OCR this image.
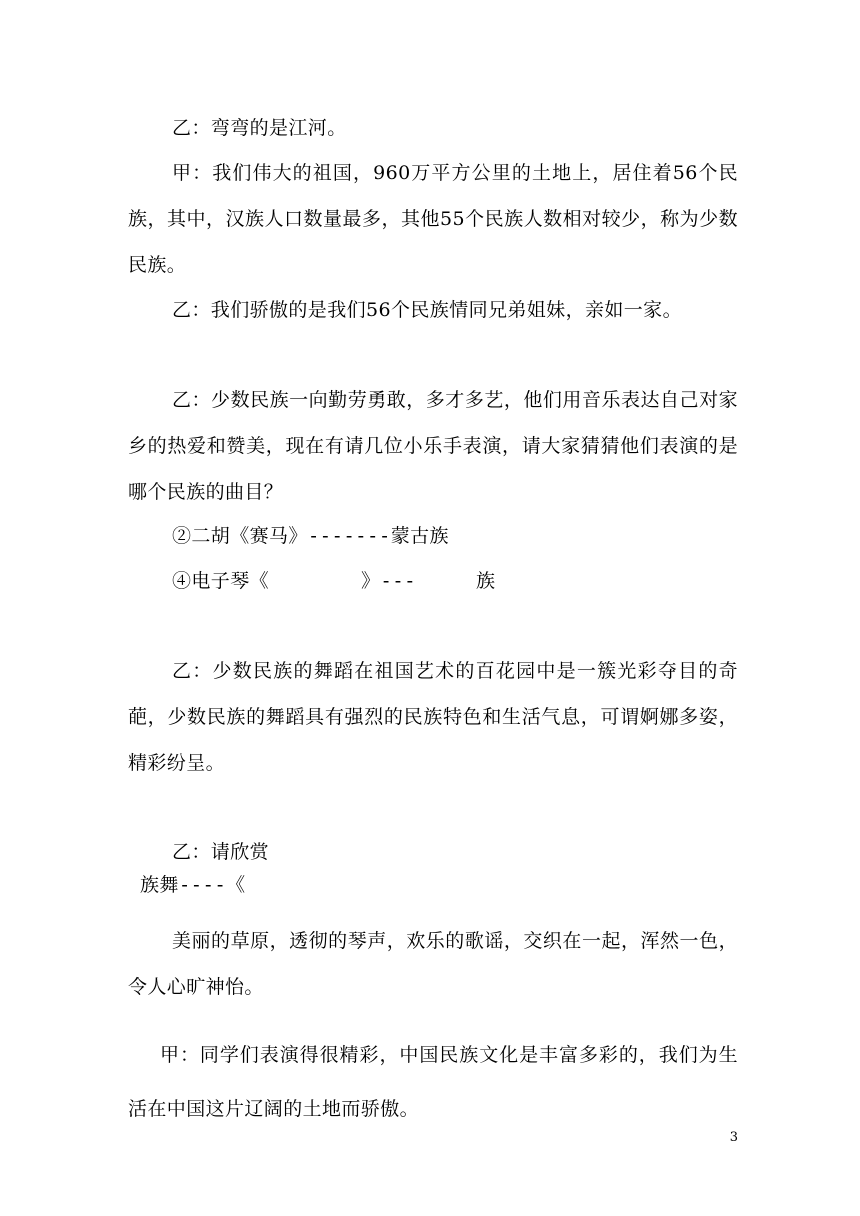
乙：弯弯的是江河。

甲：我们伟大的祖国，960万平方公里的土地上，居住着56个民族，其中，汉族人口数量最多，其他55个民族人数相对较少，称为少数民族。

乙：我们骄傲的是我们56个民族情同兄弟姐妹，亲如一家。

乙：少数民族一向勤劳勇敢，多才多艺，他们用音乐表达自己对家乡的热爱和赞美，现在有请几位小乐手表演，请大家猜猜他们表演的是哪个民族的曲目？

②二胡《赛马》-------蒙古族

④电子琴《	》---	族

乙：少数民族的舞蹈在祖国艺术的百花园中是一簇光彩夺目的奇葩，少数民族的舞蹈具有强烈的民族特色和生活气息，可谓婀娜多姿，精彩纷呈。

乙：请欣赏

族舞----《

美丽的草原，透彻的琴声，欢乐的歌谣，交织在一起，浑然一色，令人心旷神怡。

甲：同学们表演得很精彩，中国民族文化是丰富多彩的，我们为生活在中国这片辽阔的土地而骄傲。

3
